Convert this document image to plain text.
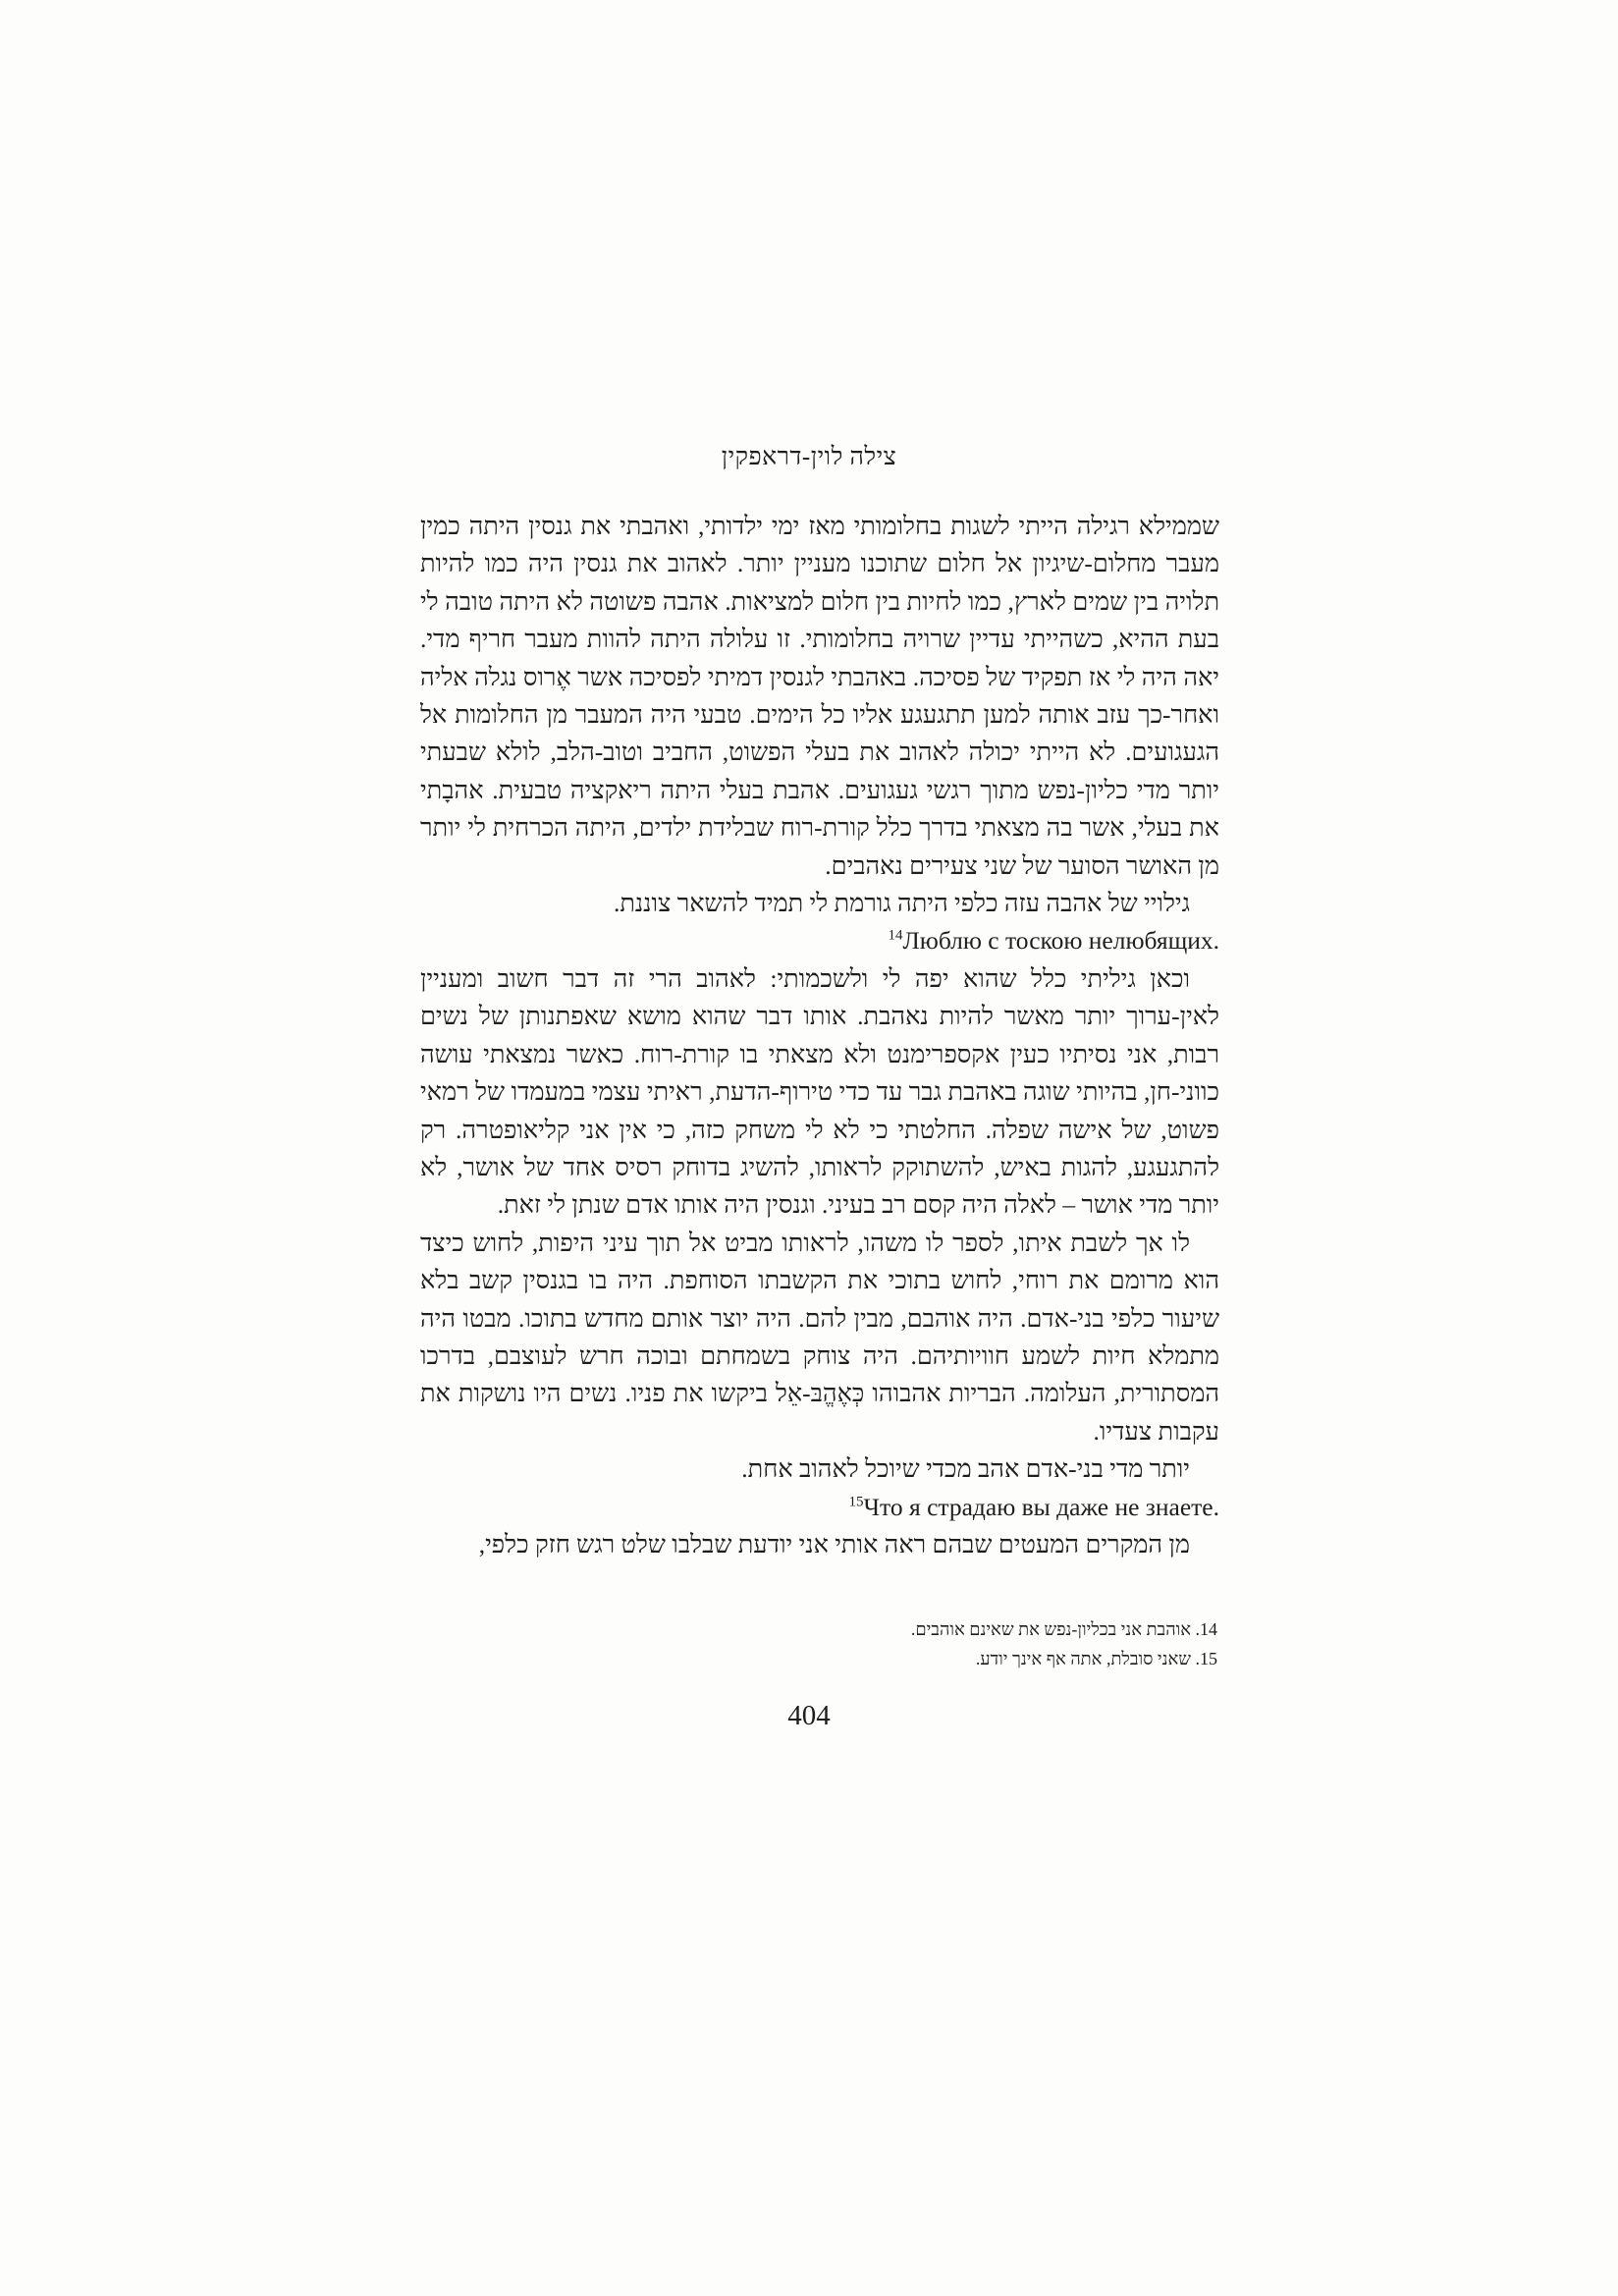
צילה לוין-דראפקין

שממילא רגילה הייתי לשגות בחלומותי מאז ימי ילדותי, ואהבתי את גנסין היתה כמין מעבר מחלום-שיגיון אל חלום שתוכנו מעניין יותר. לאהוב את גנסין היה כמו להיות תלויה בין שמים לארץ, כמו לחיות בין חלום למציאות. אהבה פשוטה לא היתה טובה לי בעת ההיא, כשהייתי עדיין שרויה בחלומותי. זו עלולה היתה להוות מעבר חריף מדי. יאה היה לי אז תפקיד של פסיכה. באהבתי לגנסין דמיתי לפסיכה אשר אֶרוס נגלה אליה ואחר-כך עזב אותה למען תתגעגע אליו כל הימים. טבעי היה המעבר מן החלומות אל הגעגועים. לא הייתי יכולה לאהוב את בעלי הפשוט, החביב וטוב-הלב, לולא שבעתי יותר מדי כליון-נפש מתוך רגשי געגועים. אהבת בעלי היתה ריאקציה טבעית. אהבָתי את בעלי, אשר בה מצאתי בדרך כלל קורת-רוח שבלידת ילדים, היתה הכרחית לי יותר מן האושר הסוער של שני צעירים נאהבים.

גילויי של אהבה עזה כלפי היתה גורמת לי תמיד להשאר צוננת.

$^{14}$Люблю с тоскою нелюбящих.

וכאן גיליתי כלל שהוא יפה לי ולשכמותי: לאהוב הרי זה דבר חשוב ומעניין לאין-ערוך יותר מאשר להיות נאהבת. אותו דבר שהוא מושא שאפתנותן של נשים רבות, אני נסיתיו כעין אקספרימנט ולא מצאתי בו קורת-רוח. כאשר נמצאתי עושה כווני-חן, בהיותי שוגה באהבת גבר עד כדי טירוף-הדעת, ראיתי עצמי במעמדו של רמאי פשוט, של אישה שפלה. החלטתי כי לא לי משחק כזה, כי אין אני קליאופטרה. רק להתגעגע, להגות באיש, להשתוקק לראותו, להשיג בדוחק רסיס אחד של אושר, לא יותר מדי אושר – לאלה היה קסם רב בעיני. וגנסין היה אותו אדם שנתן לי זאת.

לו אך לשבת איתו, לספר לו משהו, לראותו מביט אל תוך עיני היפות, לחוש כיצד הוא מרומם את רוחי, לחוש בתוכי את הקשבתו הסוחפת. היה בו בגנסין קשב בלא שיעור כלפי בני-אדם. היה אוהבם, מבין להם. היה יוצר אותם מחדש בתוכו. מבטו היה מתמלא חיות לשמע חוויותיהם. היה צוחק בשמחתם ובוכה חרש לעוצבם, בדרכו המסתורית, העלומה. הבריות אהבוהו כְּאֶהֱבּ-אֵל ביקשו את פניו. נשים היו נושקות את עקבות צעדיו.

יותר מדי בני-אדם אהב מכדי שיוכל לאהוב אחת.

$^{15}$Что я страдаю вы даже не знаете.

מן המקרים המעטים שבהם ראה אותי אני יודעת שבלבו שלט רגש חזק כלפי,

14. אוהבת אני בכליון-נפש את שאינם אוהבים.
15. שאני סובלת, אתה אף אינך יודע.
404
